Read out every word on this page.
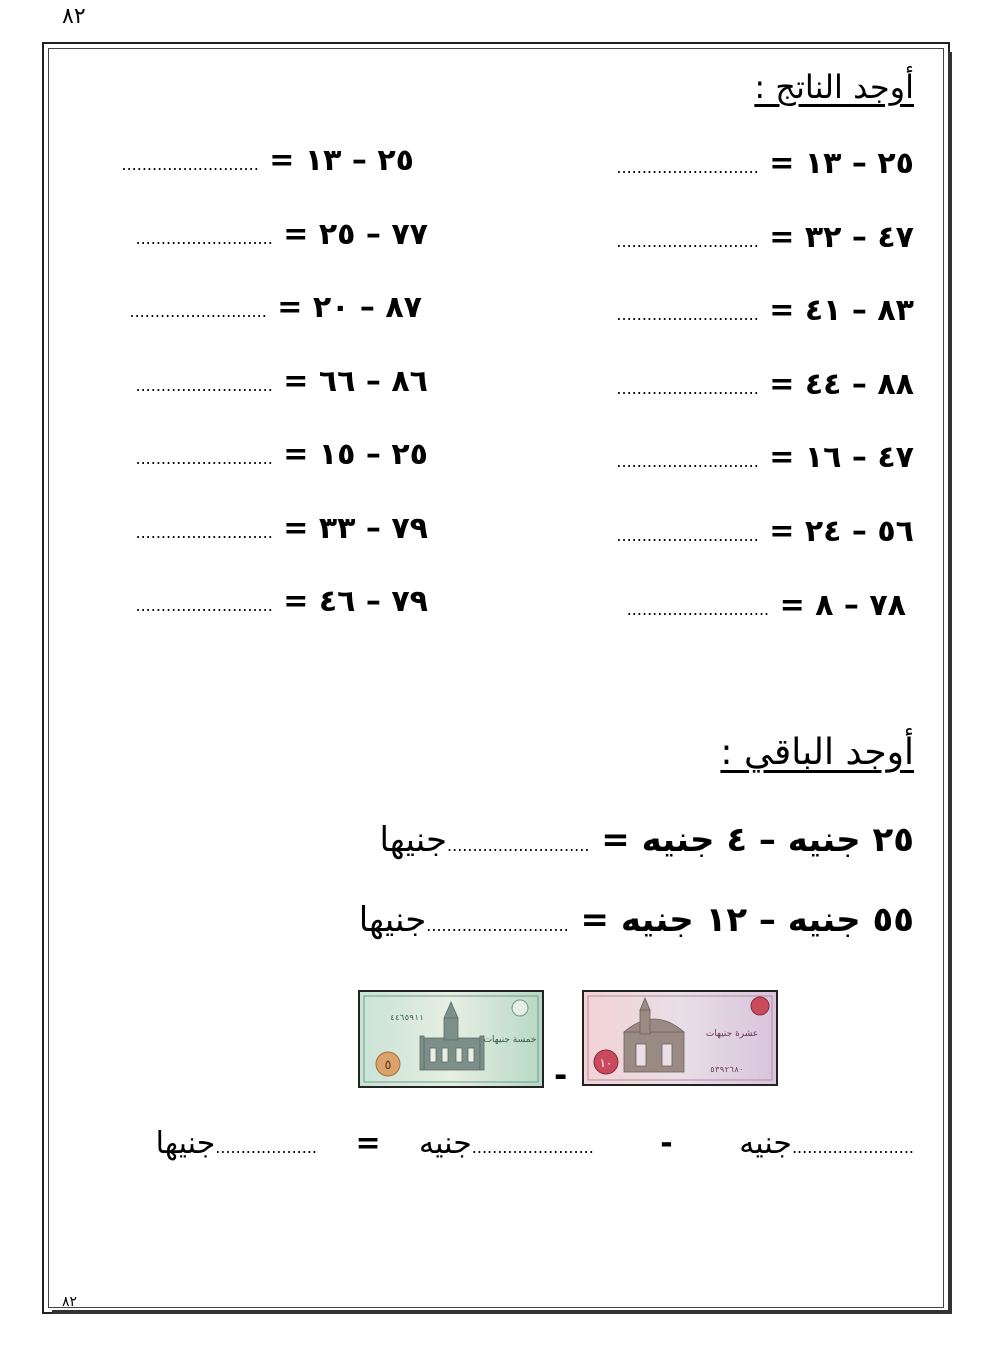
٨٢
أوجد الناتج :
٢٥ – ١٣ = ............................
٤٧ – ٣٢ = ............................
٨٣ – ٤١ = ............................
٨٨ – ٤٤ = ............................
٤٧ – ١٦ = ............................
٥٦ – ٢٤ = ............................
٧٨ – ٨ = ............................
٢٥ – ١٣ = ...........................
٧٧ – ٢٥ = ...........................
٨٧ – ٢٠ = ...........................
٨٦ – ٦٦ = ...........................
٢٥ – ١٥ = ...........................
٧٩ – ٣٣ = ...........................
٧٩ – ٤٦ = ...........................
أوجد الباقي :
٢٥ جنيه – ٤ جنيه = ............................جنيها
٥٥ جنيه – ١٢ جنيه = ............................جنيها
٥
خمسة جنيهات
٤٤٦٥٩١١
-	١٠
عشرة جنيهات
٥٣٩٢٦٨٠
........................جنيه - ........................جنيه = ....................جنيها
٨٢
